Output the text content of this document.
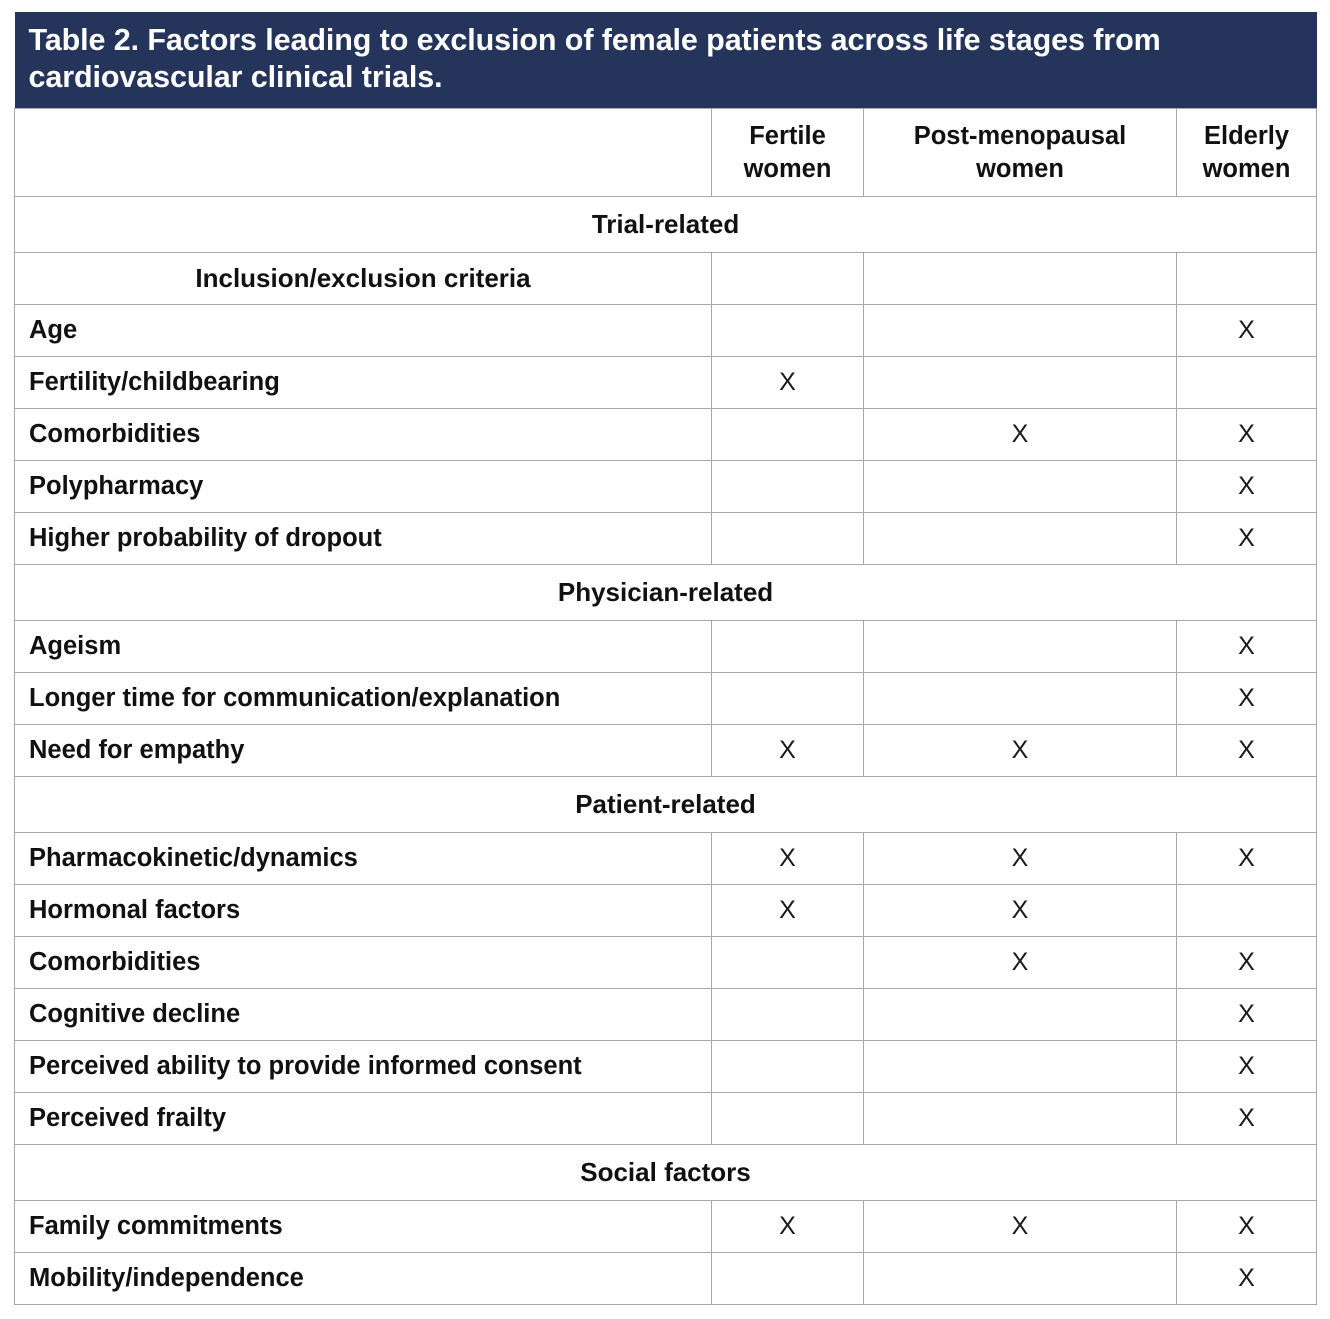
Table 2. Factors leading to exclusion of female patients across life stages from cardiovascular clinical trials.			
	Fertile women	Post-menopausal women	Elderly women
Trial-related			
Inclusion/exclusion criteria			
Age			X
Fertility/childbearing	X		
Comorbidities		X	X
Polypharmacy			X
Higher probability of dropout			X
Physician-related			
Ageism			X
Longer time for communication/explanation			X
Need for empathy	X	X	X
Patient-related			
Pharmacokinetic/dynamics	X	X	X
Hormonal factors	X	X	
Comorbidities		X	X
Cognitive decline			X
Perceived ability to provide informed consent			X
Perceived frailty			X
Social factors			
Family commitments	X	X	X
Mobility/independence			X
